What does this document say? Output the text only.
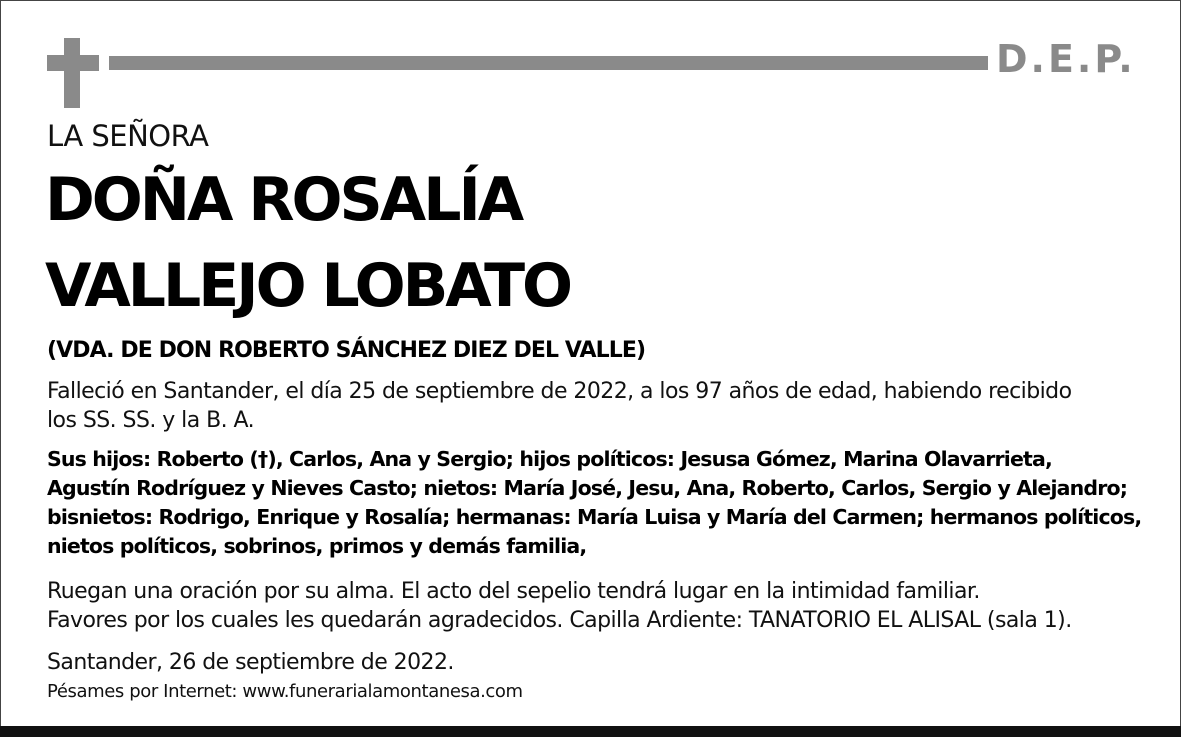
D.E.P.
LA SEÑORA
DOÑA ROSALÍA
VALLEJO LOBATO
(VDA. DE DON ROBERTO SÁNCHEZ DIEZ DEL VALLE)
Falleció en Santander, el día 25 de septiembre de 2022, a los 97 años de edad, habiendo recibido
los SS. SS. y la B. A.
Sus hijos: Roberto (†), Carlos, Ana y Sergio; hijos políticos: Jesusa Gómez, Marina Olavarrieta,
Agustín Rodríguez y Nieves Casto; nietos: María José, Jesu, Ana, Roberto, Carlos, Sergio y Alejandro;
bisnietos: Rodrigo, Enrique y Rosalía; hermanas: María Luisa y María del Carmen; hermanos políticos,
nietos políticos, sobrinos, primos y demás familia,
Ruegan una oración por su alma. El acto del sepelio tendrá lugar en la intimidad familiar.
Favores por los cuales les quedarán agradecidos. Capilla Ardiente: TANATORIO EL ALISAL (sala 1).
Santander, 26 de septiembre de 2022.
Pésames por Internet: www.funerarialamontanesa.com
